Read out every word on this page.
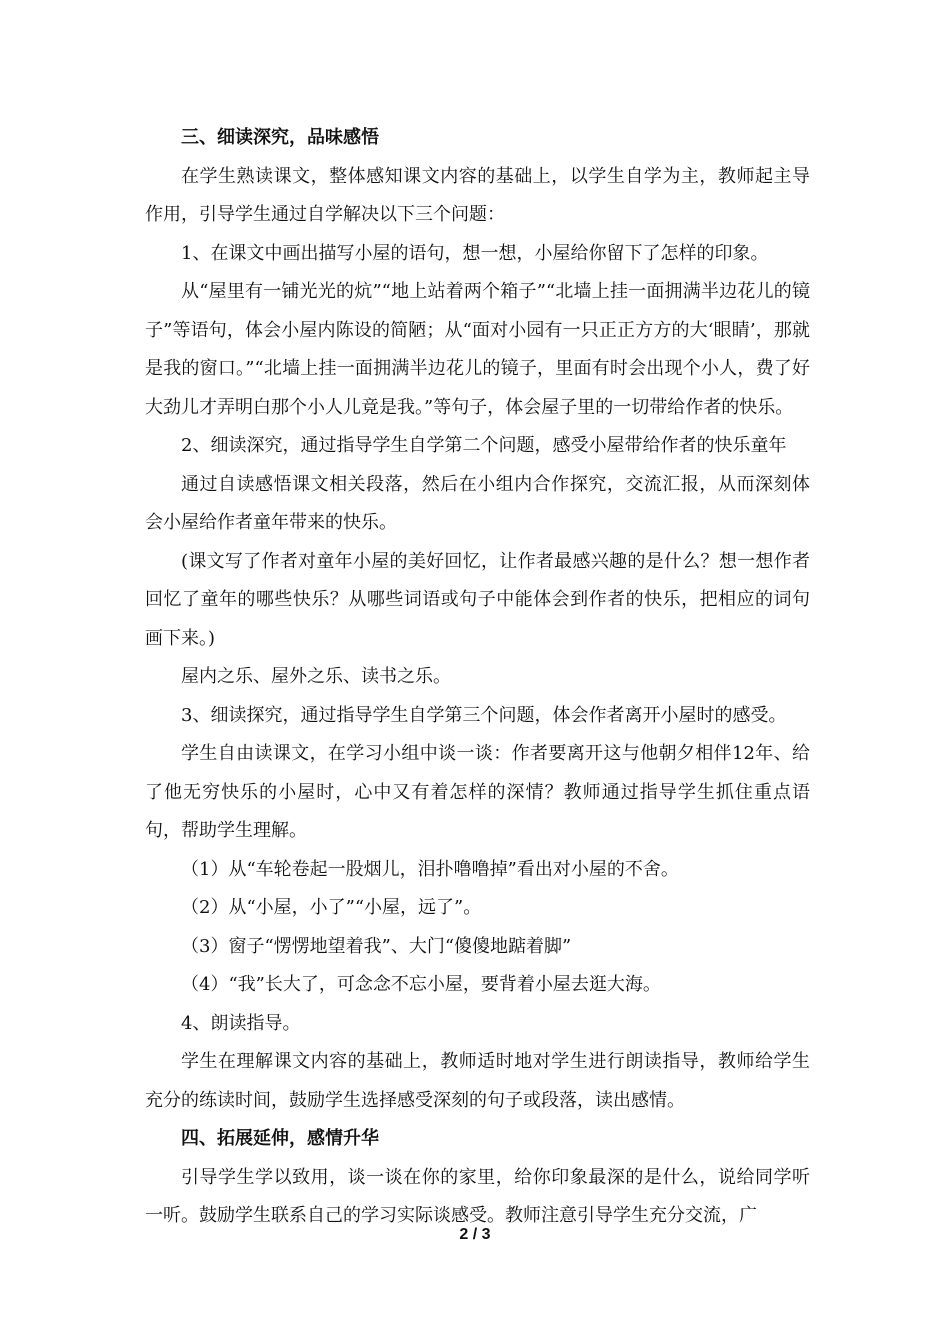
三、细读深究，品味感悟

在学生熟读课文，整体感知课文内容的基础上，以学生自学为主，教师起主导作用，引导学生通过自学解决以下三个问题：

1、在课文中画出描写小屋的语句，想一想，小屋给你留下了怎样的印象。

从“屋里有一铺光光的炕”“地上站着两个箱子”“北墙上挂一面拥满半边花儿的镜子”等语句，体会小屋内陈设的简陋；从“面对小园有一只正正方方的大‘眼睛’，那就是我的窗口。”“北墙上挂一面拥满半边花儿的镜子，里面有时会出现个小人，费了好大劲儿才弄明白那个小人儿竟是我。”等句子，体会屋子里的一切带给作者的快乐。

2、细读深究，通过指导学生自学第二个问题，感受小屋带给作者的快乐童年

通过自读感悟课文相关段落，然后在小组内合作探究，交流汇报，从而深刻体会小屋给作者童年带来的快乐。

(课文写了作者对童年小屋的美好回忆，让作者最感兴趣的是什么？想一想作者回忆了童年的哪些快乐？从哪些词语或句子中能体会到作者的快乐，把相应的词句画下来。)

屋内之乐、屋外之乐、读书之乐。

3、细读探究，通过指导学生自学第三个问题，体会作者离开小屋时的感受。

学生自由读课文，在学习小组中谈一谈：作者要离开这与他朝夕相伴12年、给了他无穷快乐的小屋时，心中又有着怎样的深情？教师通过指导学生抓住重点语句，帮助学生理解。

（1）从“车轮卷起一股烟儿，泪扑噜噜掉”看出对小屋的不舍。

（2）从“小屋，小了”“小屋，远了”。

（3）窗子“愣愣地望着我”、大门“傻傻地踮着脚”

（4）“我”长大了，可念念不忘小屋，要背着小屋去逛大海。

4、朗读指导。

学生在理解课文内容的基础上，教师适时地对学生进行朗读指导，教师给学生充分的练读时间，鼓励学生选择感受深刻的句子或段落，读出感情。

四、拓展延伸，感情升华

引导学生学以致用，谈一谈在你的家里，给你印象最深的是什么，说给同学听一听。鼓励学生联系自己的学习实际谈感受。教师注意引导学生充分交流，广

2 / 3
